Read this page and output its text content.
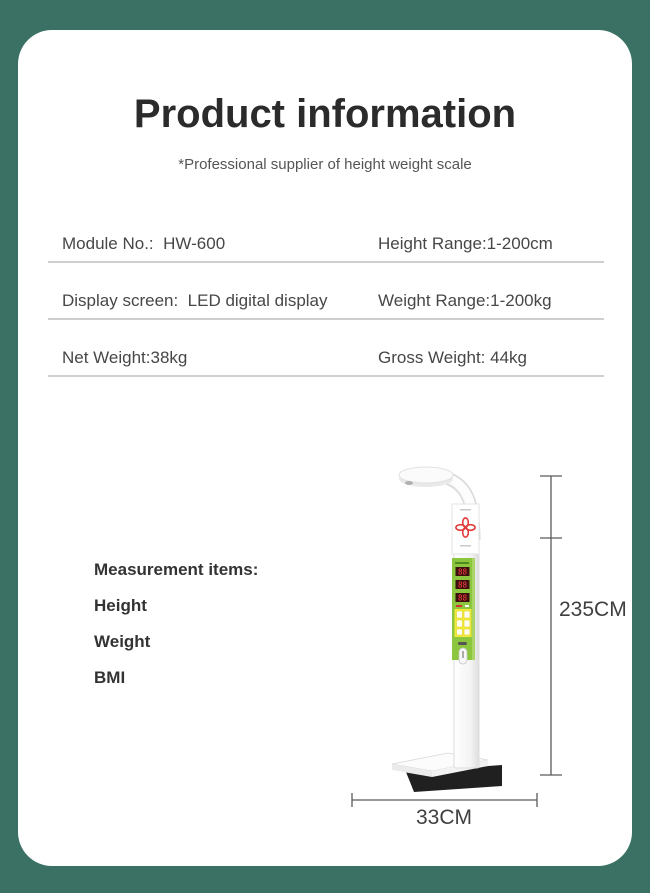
Product information
*Professional supplier of height weight scale
Module No.:  HW-600	Height Range:1-200cm
Display screen:  LED digital display	Weight Range:1-200kg
Net Weight:38kg	Gross Weight: 44kg
Measurement items:
Height
Weight
BMI
235CM
33CM
88
88
88
